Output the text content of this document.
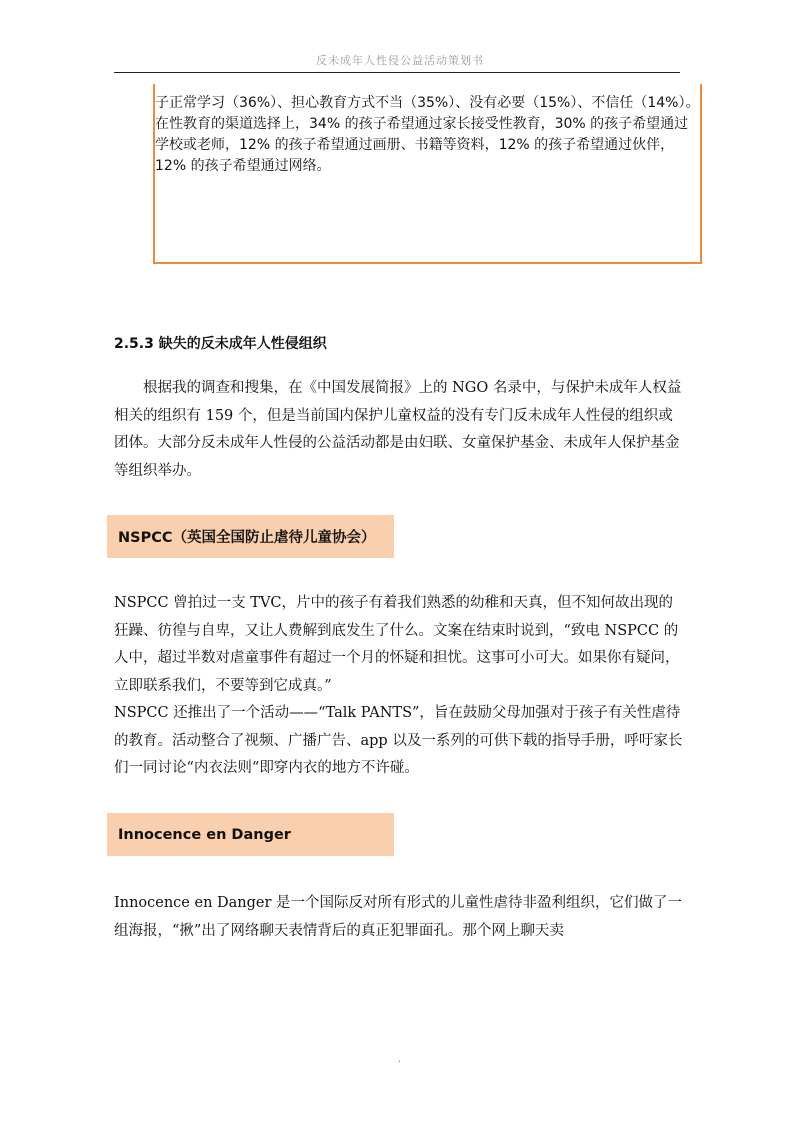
反未成年人性侵公益活动策划书

子正常学习（36%）、担心教育方式不当（35%）、没有必要（15%）、不信任（14%）。

在性教育的渠道选择上，34% 的孩子希望通过家长接受性教育，30% 的孩子希望通过学校或老师，12% 的孩子希望通过画册、书籍等资料，12% 的孩子希望通过伙伴，

12% 的孩子希望通过网络。

2.5.3 缺失的反未成年人性侵组织

根据我的调查和搜集，在《中国发展简报》上的 NGO 名录中，与保护未成年人权益相关的组织有 159 个，但是当前国内保护儿童权益的没有专门反未成年人性侵的组织或团体。大部分反未成年人性侵的公益活动都是由妇联、女童保护基金、未成年人保护基金等组织举办。

NSPCC（英国全国防止虐待儿童协会）

NSPCC 曾拍过一支 TVC，片中的孩子有着我们熟悉的幼稚和天真，但不知何故出现的狂躁、彷徨与自卑，又让人费解到底发生了什么。文案在结束时说到，“致电 NSPCC 的人中，超过半数对虐童事件有超过一个月的怀疑和担忧。这事可小可大。如果你有疑问，立即联系我们，不要等到它成真。”

NSPCC 还推出了一个活动——“Talk PANTS”，旨在鼓励父母加强对于孩子有关性虐待的教育。活动整合了视频、广播广告、app 以及一系列的可供下载的指导手册，呼吁家长们一同讨论“内衣法则“即穿内衣的地方不许碰。

Innocence en Danger

Innocence en Danger 是一个国际反对所有形式的儿童性虐待非盈利组织，它们做了一组海报，“揪”出了网络聊天表情背后的真正犯罪面孔。那个网上聊天卖

.
